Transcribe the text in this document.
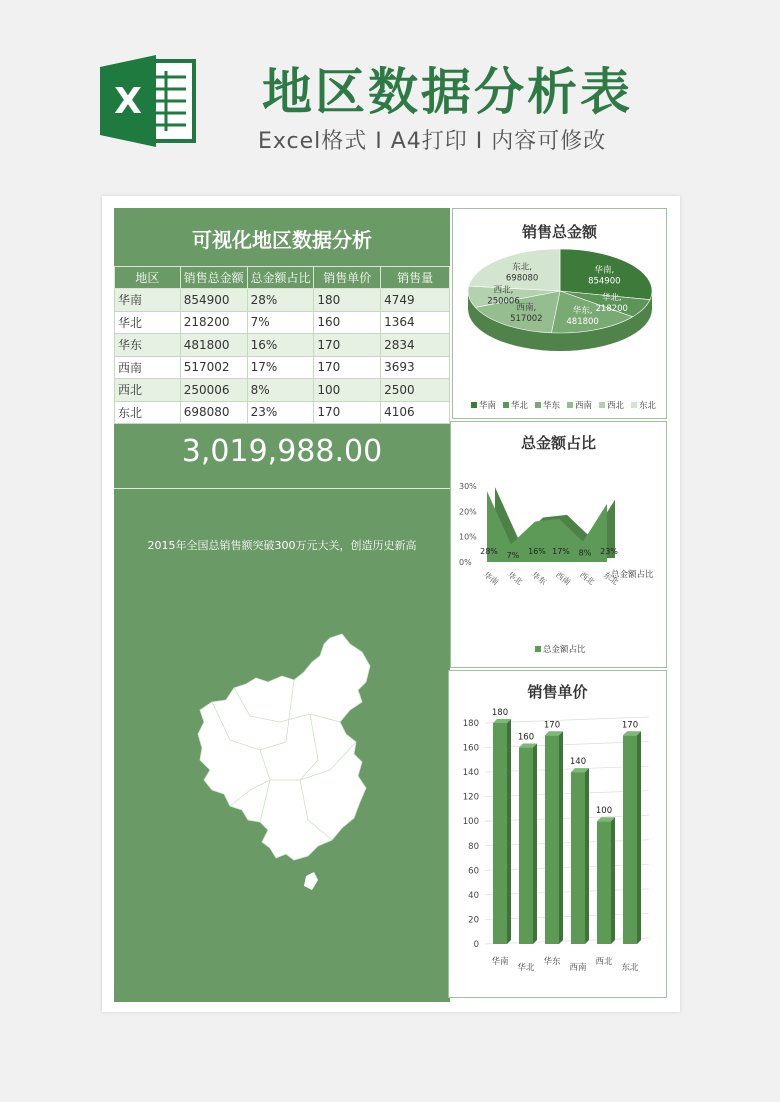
X 地区数据分析表
Excel格式 I A4打印 I 内容可修改
可视化地区数据分析
地区	销售总金额	总金额占比	销售单价	销售量
华南	854900	28%	180	4749
华北	218200	7%	160	1364
华东	481800	16%	170	2834
西南	517002	17%	170	3693
西北	250006	8%	100	2500
东北	698080	23%	170	4106
3,019,988.00
2015年全国总销售额突破300万元大关，创造历史新高
销售总金额
华南,
854900
华北,
218200
华东,
481800
西南,
517002
西北,
250006
东北,
698080
华南 华北 华东 西南 西北 东北
总金额占比
0%
10%
20%
30%
28% 7% 16% 17% 8% 23%
华南 华北 华东 西南 西北 东北
总金额占比
总金额占比
销售单价
0
20
40
60
80
100
120
140
160
180
180
华南
160
华北
170
华东
140
西南
100
西北
170
东北
